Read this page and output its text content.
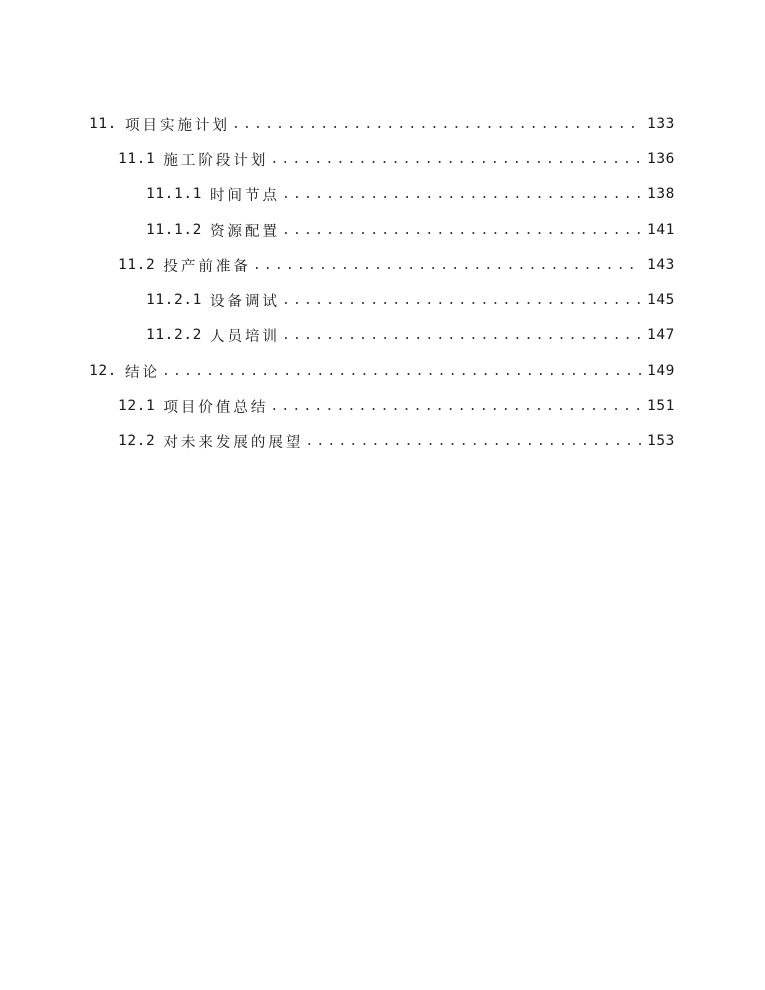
11. 项目实施计划 .....	133
11.1 施工阶段计划 .....	136
11.1.1 时间节点 .....	138
11.1.2 资源配置 .....	141
11.2 投产前准备 .....	143
11.2.1 设备调试 .....	145
11.2.2 人员培训 .....	147
12. 结论 .....	149
12.1 项目价值总结 .....	151
12.2 对未来发展的展望 .....	153
